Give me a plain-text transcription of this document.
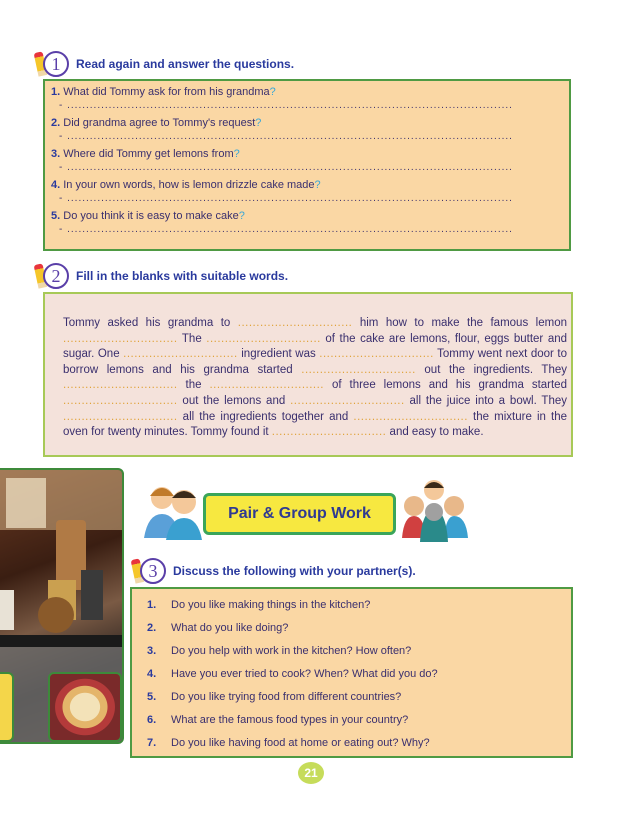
1	Read again and answer the questions.
1. What did Tommy ask for from his grandma?
- ......................................................................................................................
2. Did grandma agree to Tommy's request?
- ......................................................................................................................
3. Where did Tommy get lemons from?
- ......................................................................................................................
4. In your own words, how is lemon drizzle cake made?
- ......................................................................................................................
5. Do you think it is easy to make cake?
- ......................................................................................................................
2	Fill in the blanks with suitable words.
Tommy asked his grandma to ............................... him how to make the famous lemon ............................... The ............................... of the cake are lemons, flour, eggs butter and sugar. One ............................... ingredient was ............................... Tommy went next door to borrow lemons and his grandma started ............................... out the ingredients. They ............................... the ............................... of three lemons and his grandma started ............................... out the lemons and ............................... all the juice into a bowl. They ............................... all the ingredients together and ............................... the mixture in the oven for twenty minutes. Tommy found it ............................... and easy to make.
Pair & Group Work
3	Discuss the following with your partner(s).
1. Do you like making things in the kitchen?
2. What do you like doing?
3. Do you help with work in the kitchen? How often?
4. Have you ever tried to cook? When? What did you do?
5. Do you like trying food from different countries?
6. What are the famous food types in your country?
7. Do you like having food at home or eating out? Why?
21
